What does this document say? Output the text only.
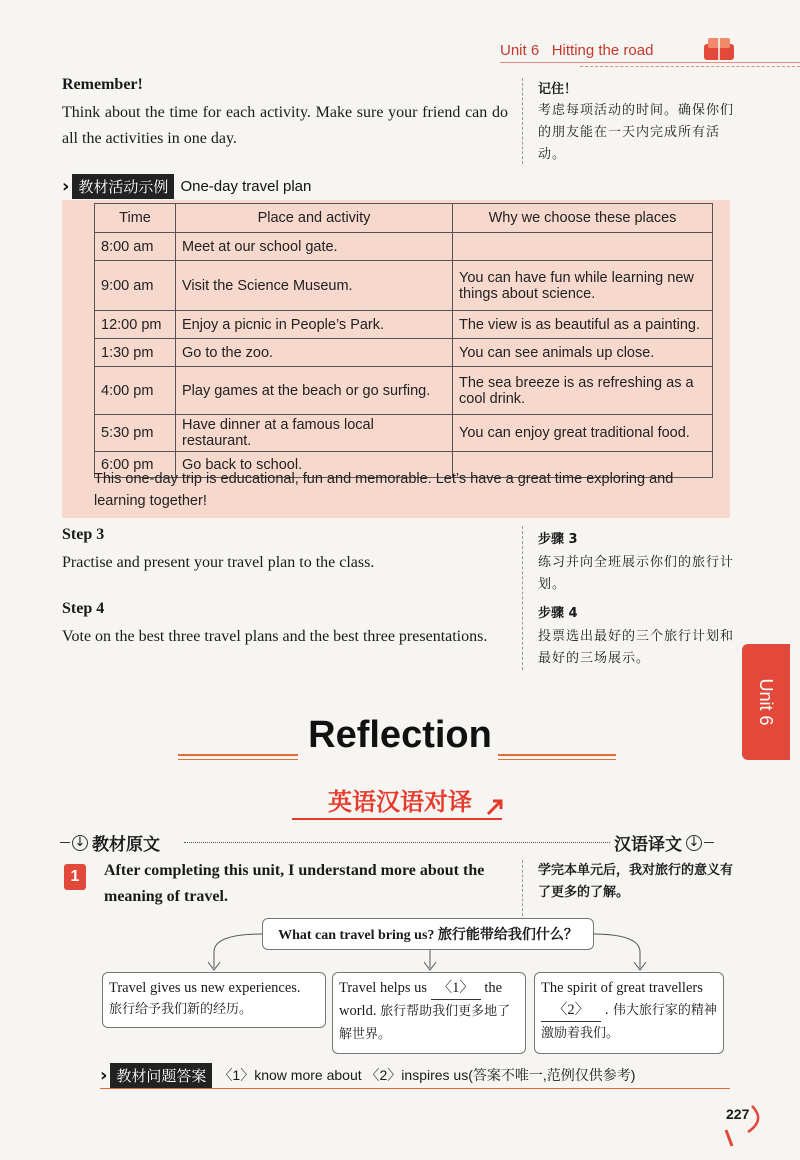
Unit 6 Hitting the road
Remember!
Think about the time for each activity. Make sure your friend can do all the activities in one day.
记住！
考虑每项活动的时间。确保你们的朋友能在一天内完成所有活动。
› 教材活动示例 One-day travel plan
Time	Place and activity	Why we choose these places
8:00 am	Meet at our school gate.	
9:00 am	Visit the Science Museum.	You can have fun while learning new things about science.
12:00 pm	Enjoy a picnic in People’s Park.	The view is as beautiful as a painting.
1:30 pm	Go to the zoo.	You can see animals up close.
4:00 pm	Play games at the beach or go surfing.	The sea breeze is as refreshing as a cool drink.
5:30 pm	Have dinner at a famous local restaurant.	You can enjoy great traditional food.
6:00 pm	Go back to school.	
This one-day trip is educational, fun and memorable. Let’s have a great time exploring and learning together!
Step 3
Practise and present your travel plan to the class.
Step 4
Vote on the best three travel plans and the best three presentations.
步骤 3
练习并向全班展示你们的旅行计划。
步骤 4
投票选出最好的三个旅行计划和最好的三场展示。
Unit 6
Reflection
英语汉语对译
↓ 教材原文	汉语译文 ↓
1	After completing this unit, I understand more about the meaning of travel.
学完本单元后，我对旅行的意义有了更多的了解。
What can travel bring us? 旅行能带给我们什么？
Travel gives us new experiences.
旅行给予我们新的经历。
Travel helps us 〈1〉 the
world. 旅行帮助我们更多地了解世界。
The spirit of great travellers
〈2〉 . 伟大旅行家的精神激励着我们。
› 教材问题答案 〈1〉know more about 〈2〉inspires us(答案不唯一,范例仅供参考)
227
